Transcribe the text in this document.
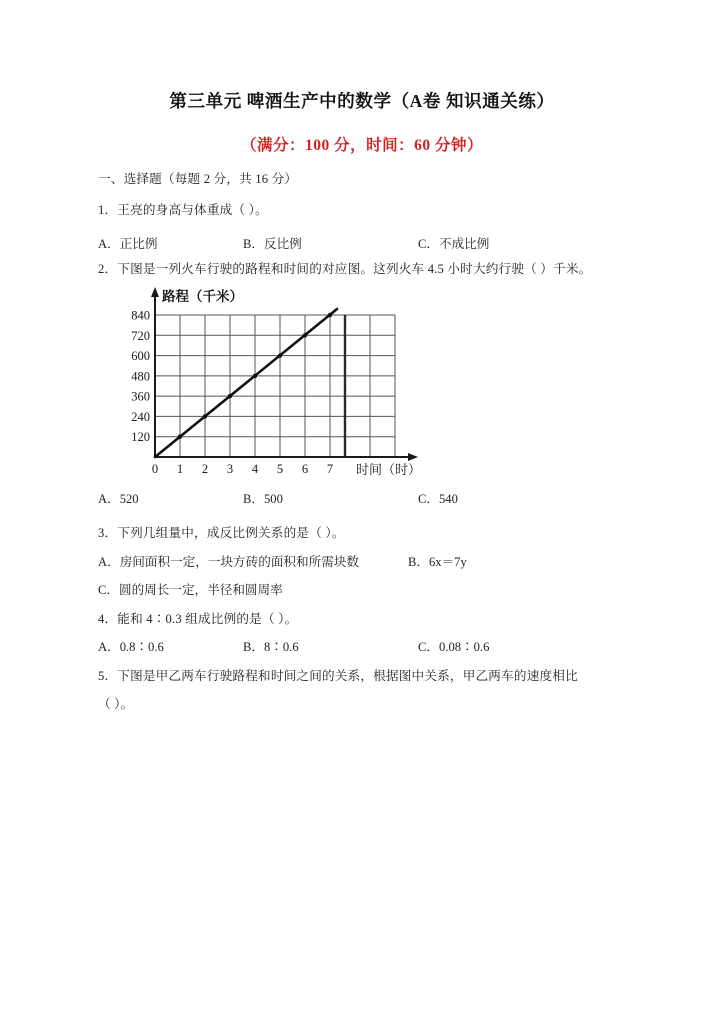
第三单元 啤酒生产中的数学（A卷 知识通关练）
（满分：100 分，时间：60 分钟）
一、选择题（每题 2 分，共 16 分）
1．王亮的身高与体重成（ ）。
A．正比例	B．反比例	C．不成比例
2．下图是一列火车行驶的路程和时间的对应图。这列火车 4.5 小时大约行驶（ ）千米。
840
720
600
480
360
240
120
0 1 2 3 4 5 6 7
路程（千米）
时间（时）
A．520	B．500	C．540
3．下列几组量中，成反比例关系的是（ ）。
A．房间面积一定，一块方砖的面积和所需块数	B．6x＝7y
C．圆的周长一定，半径和圆周率
4．能和 4∶0.3 组成比例的是（ ）。
A．0.8∶0.6	B．8∶0.6	C．0.08∶0.6
5．下图是甲乙两车行驶路程和时间之间的关系，根据图中关系，甲乙两车的速度相比
（ ）。
